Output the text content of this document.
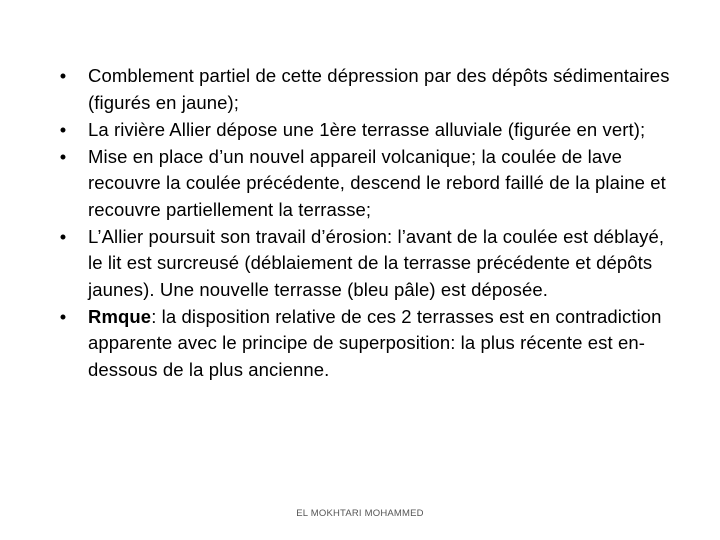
• Comblement partiel de cette dépression par des dépôts sédimentaires (figurés en jaune);
• La rivière Allier dépose une 1ère terrasse alluviale (figurée en vert);
• Mise en place d’un nouvel appareil volcanique; la coulée de lave recouvre la coulée précédente, descend le rebord faillé de la plaine et recouvre partiellement la terrasse;
• L’Allier poursuit son travail d’érosion: l’avant de la coulée est déblayé, le lit est surcreusé (déblaiement de la terrasse précédente et dépôts jaunes). Une nouvelle terrasse (bleu pâle) est déposée.
• Rmque: la disposition relative de ces 2 terrasses est en contradiction apparente avec le principe de superposition: la plus récente est en-dessous de la plus ancienne.
EL MOKHTARI MOHAMMED
